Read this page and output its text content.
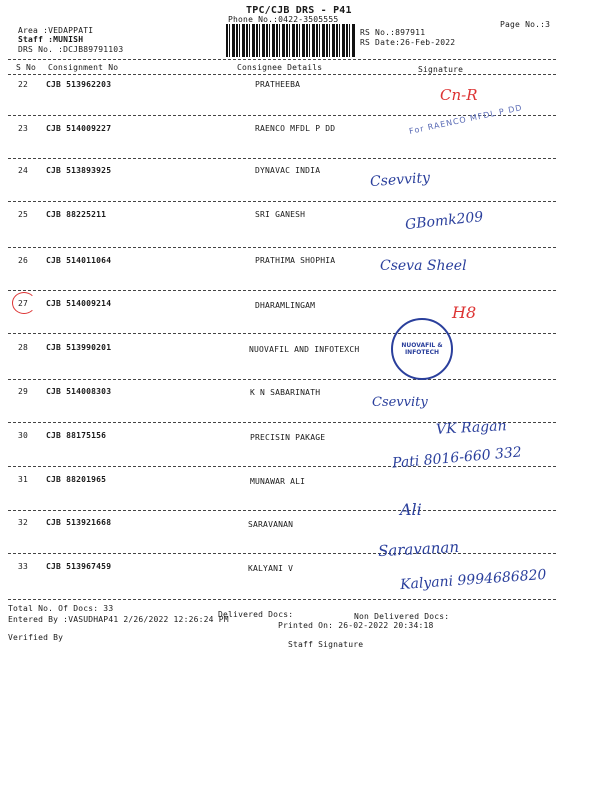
TPC/CJB DRS - P41
Phone No.:0422-3505555
Area :VEDAPPATI
Staff :MUNISH
DRS No. :DCJB89791103
RS No.:897911
RS Date:26-Feb-2022
Page No.:3
S No Consignment No	Consignee Details	Signature
22 CJB 513962203	PRATHEEBA
23 CJB 514009227	RAENCO MFDL P DD
24 CJB 513893925	DYNAVAC INDIA
25 CJB 88225211	SRI GANESH
26 CJB 514011064	PRATHIMA SHOPHIA
27 CJB 514009214	DHARAMLINGAM
28 CJB 513990201	NUOVAFIL AND INFOTEXCH
29 CJB 514008303	K N SABARINATH
30 CJB 88175156	PRECISIN PAKAGE
31 CJB 88201965	MUNAWAR ALI
32 CJB 513921668	SARAVANAN
33 CJB 513967459	KALYANI V
Cn-R
For RAENCO MFDL P DD
Csevvity
GBomk209
Cseva Sheel
H8
NUOVAFIL & INFOTECH
Csevvity
VK Ragan
Pati 8016-660 332
Ali
Saravanan
Kalyani 9994686820
Total No. Of Docs: 33
Delivered Docs:	Non Delivered Docs:
Entered By :VASUDHAP41 2/26/2022 12:26:24 PM
Printed On: 26-02-2022 20:34:18
Verified By
Staff Signature
